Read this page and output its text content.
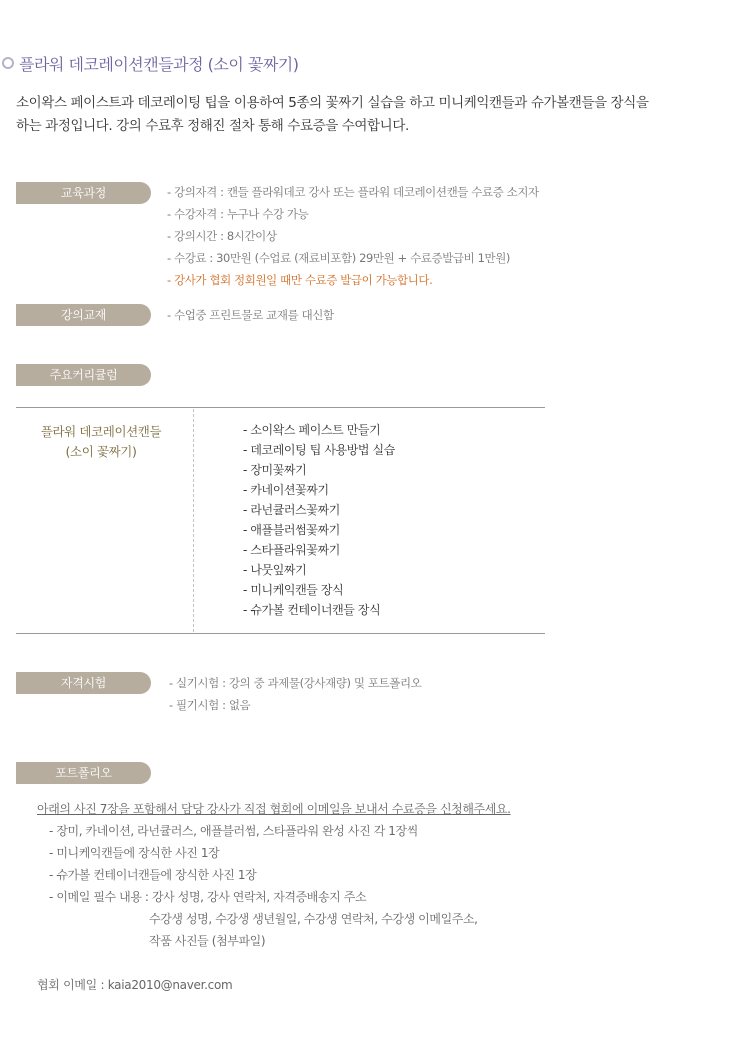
플라워 데코레이션캔들과정 (소이 꽃짜기)
소이왁스 페이스트과 데코레이팅 팁을 이용하여 5종의 꽃짜기 실습을 하고 미니케익캔들과 슈가볼캔들을 장식을
하는 과정입니다. 강의 수료후 정해진 절차 통해 수료증을 수여합니다.
교육과정	- 강의자격 : 캔들 플라워데코 강사 또는 플라워 데코레이션캔들 수료증 소지자
- 수강자격 : 누구나 수강 가능
- 강의시간 : 8시간이상
- 수강료 : 30만원 (수업료 (재료비포함) 29만원 + 수료증발급비 1만원)
- 강사가 협회 정회원일 때만 수료증 발급이 가능합니다.
강의교재	- 수업중 프린트물로 교재를 대신함
주요커리큘럼
플라워 데코레이션캔들
(소이 꽃짜기)
- 소이왁스 페이스트 만들기
- 데코레이팅 팁 사용방법 실습
- 장미꽃짜기
- 카네이션꽃짜기
- 라넌큘러스꽃짜기
- 애플블러썸꽃짜기
- 스타플라워꽃짜기
- 나뭇잎짜기
- 미니케익캔들 장식
- 슈가볼 컨테이너캔들 장식
자격시험	- 실기시험 : 강의 중 과제물(강사재량) 및 포트폴리오
- 필기시험 : 없음
포트폴리오
아래의 사진 7장을 포함해서 담당 강사가 직접 협회에 이메일을 보내서 수료증을 신청해주세요.
- 장미, 카네이션, 라넌큘러스, 애플블러썸, 스타플라워 완성 사진 각 1장씩
- 미니케익캔들에 장식한 사진 1장
- 슈가볼 컨테이너캔들에 장식한 사진 1장
- 이메일 필수 내용 : 강사 성명, 강사 연락처, 자격증배송지 주소
수강생 성명, 수강생 생년월일, 수강생 연락처, 수강생 이메일주소,
작품 사진들 (첨부파일)
협회 이메일 : kaia2010@naver.com
